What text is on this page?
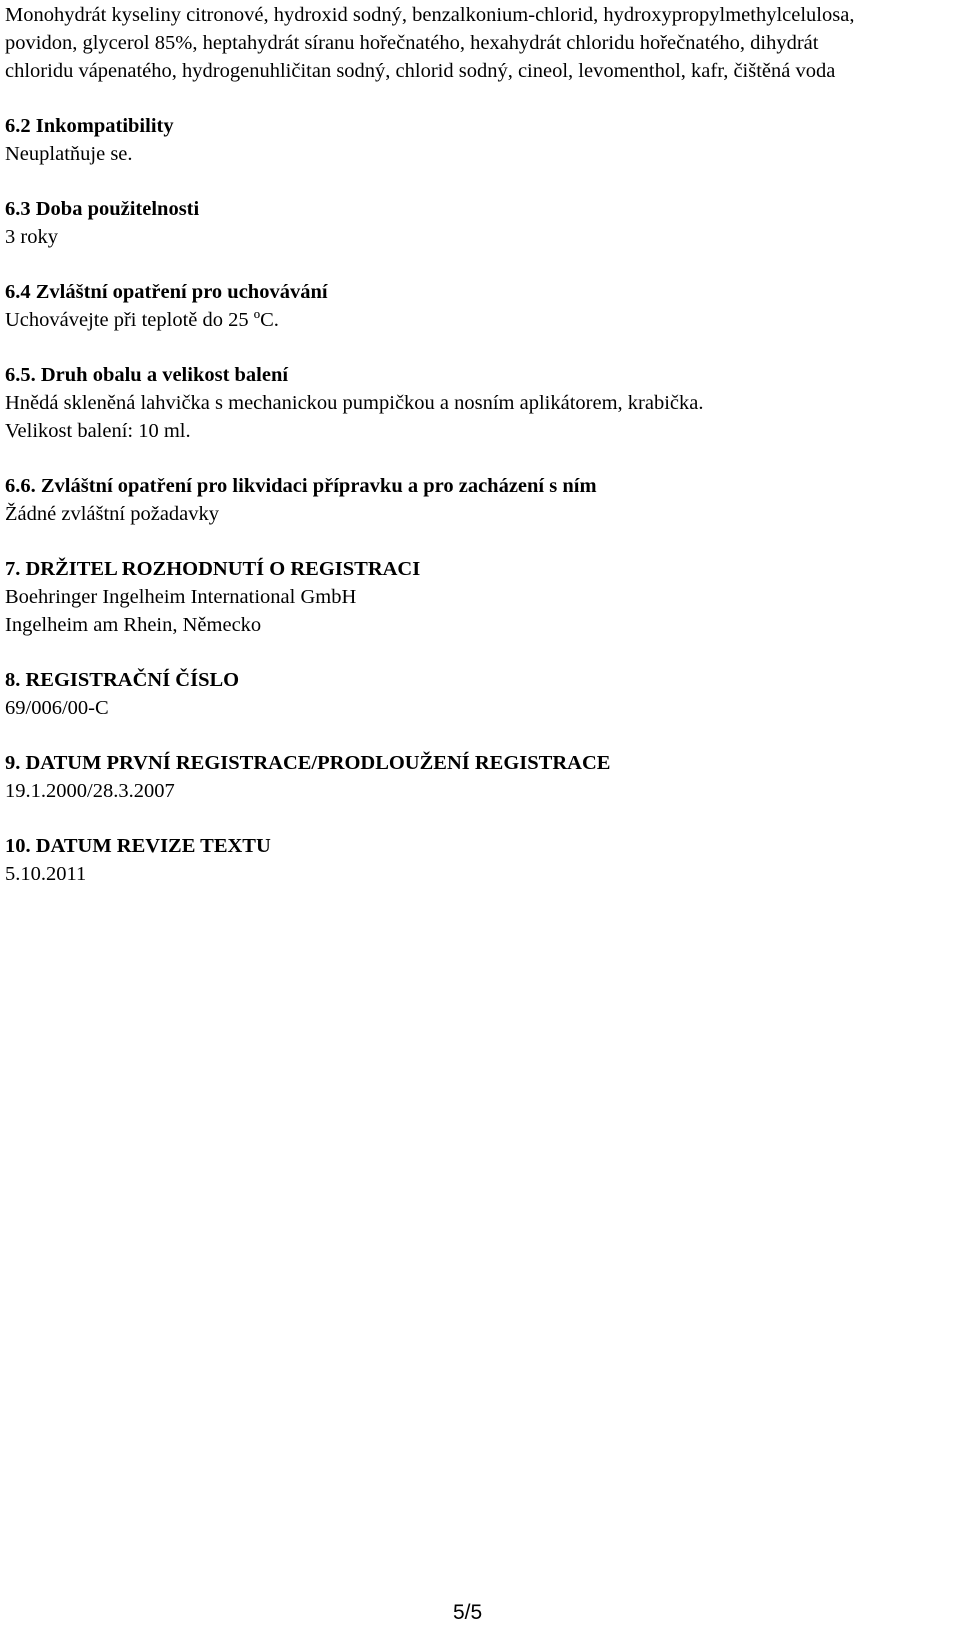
Monohydrát kyseliny citronové, hydroxid sodný, benzalkonium-chlorid, hydroxypropylmethylcelulosa,
povidon, glycerol 85%, heptahydrát síranu hořečnatého, hexahydrát chloridu hořečnatého, dihydrát
chloridu vápenatého, hydrogenuhličitan sodný, chlorid sodný, cineol, levomenthol, kafr, čištěná voda

6.2 Inkompatibility
Neuplatňuje se.
6.3 Doba použitelnosti
3 roky
6.4 Zvláštní opatření pro uchovávání
Uchovávejte při teplotě do 25 ºC.
6.5. Druh obalu a velikost balení
Hnědá skleněná lahvička s mechanickou pumpičkou a nosním aplikátorem, krabička.
Velikost balení: 10 ml.
6.6. Zvláštní opatření pro likvidaci přípravku a pro zacházení s ním
Žádné zvláštní požadavky
7. DRŽITEL ROZHODNUTÍ O REGISTRACI
Boehringer Ingelheim International GmbH
Ingelheim am Rhein, Německo
8. REGISTRAČNÍ ČÍSLO
69/006/00-C
9. DATUM PRVNÍ REGISTRACE/PRODLOUŽENÍ REGISTRACE
19.1.2000/28.3.2007
10. DATUM REVIZE TEXTU
5.10.2011
5/5
